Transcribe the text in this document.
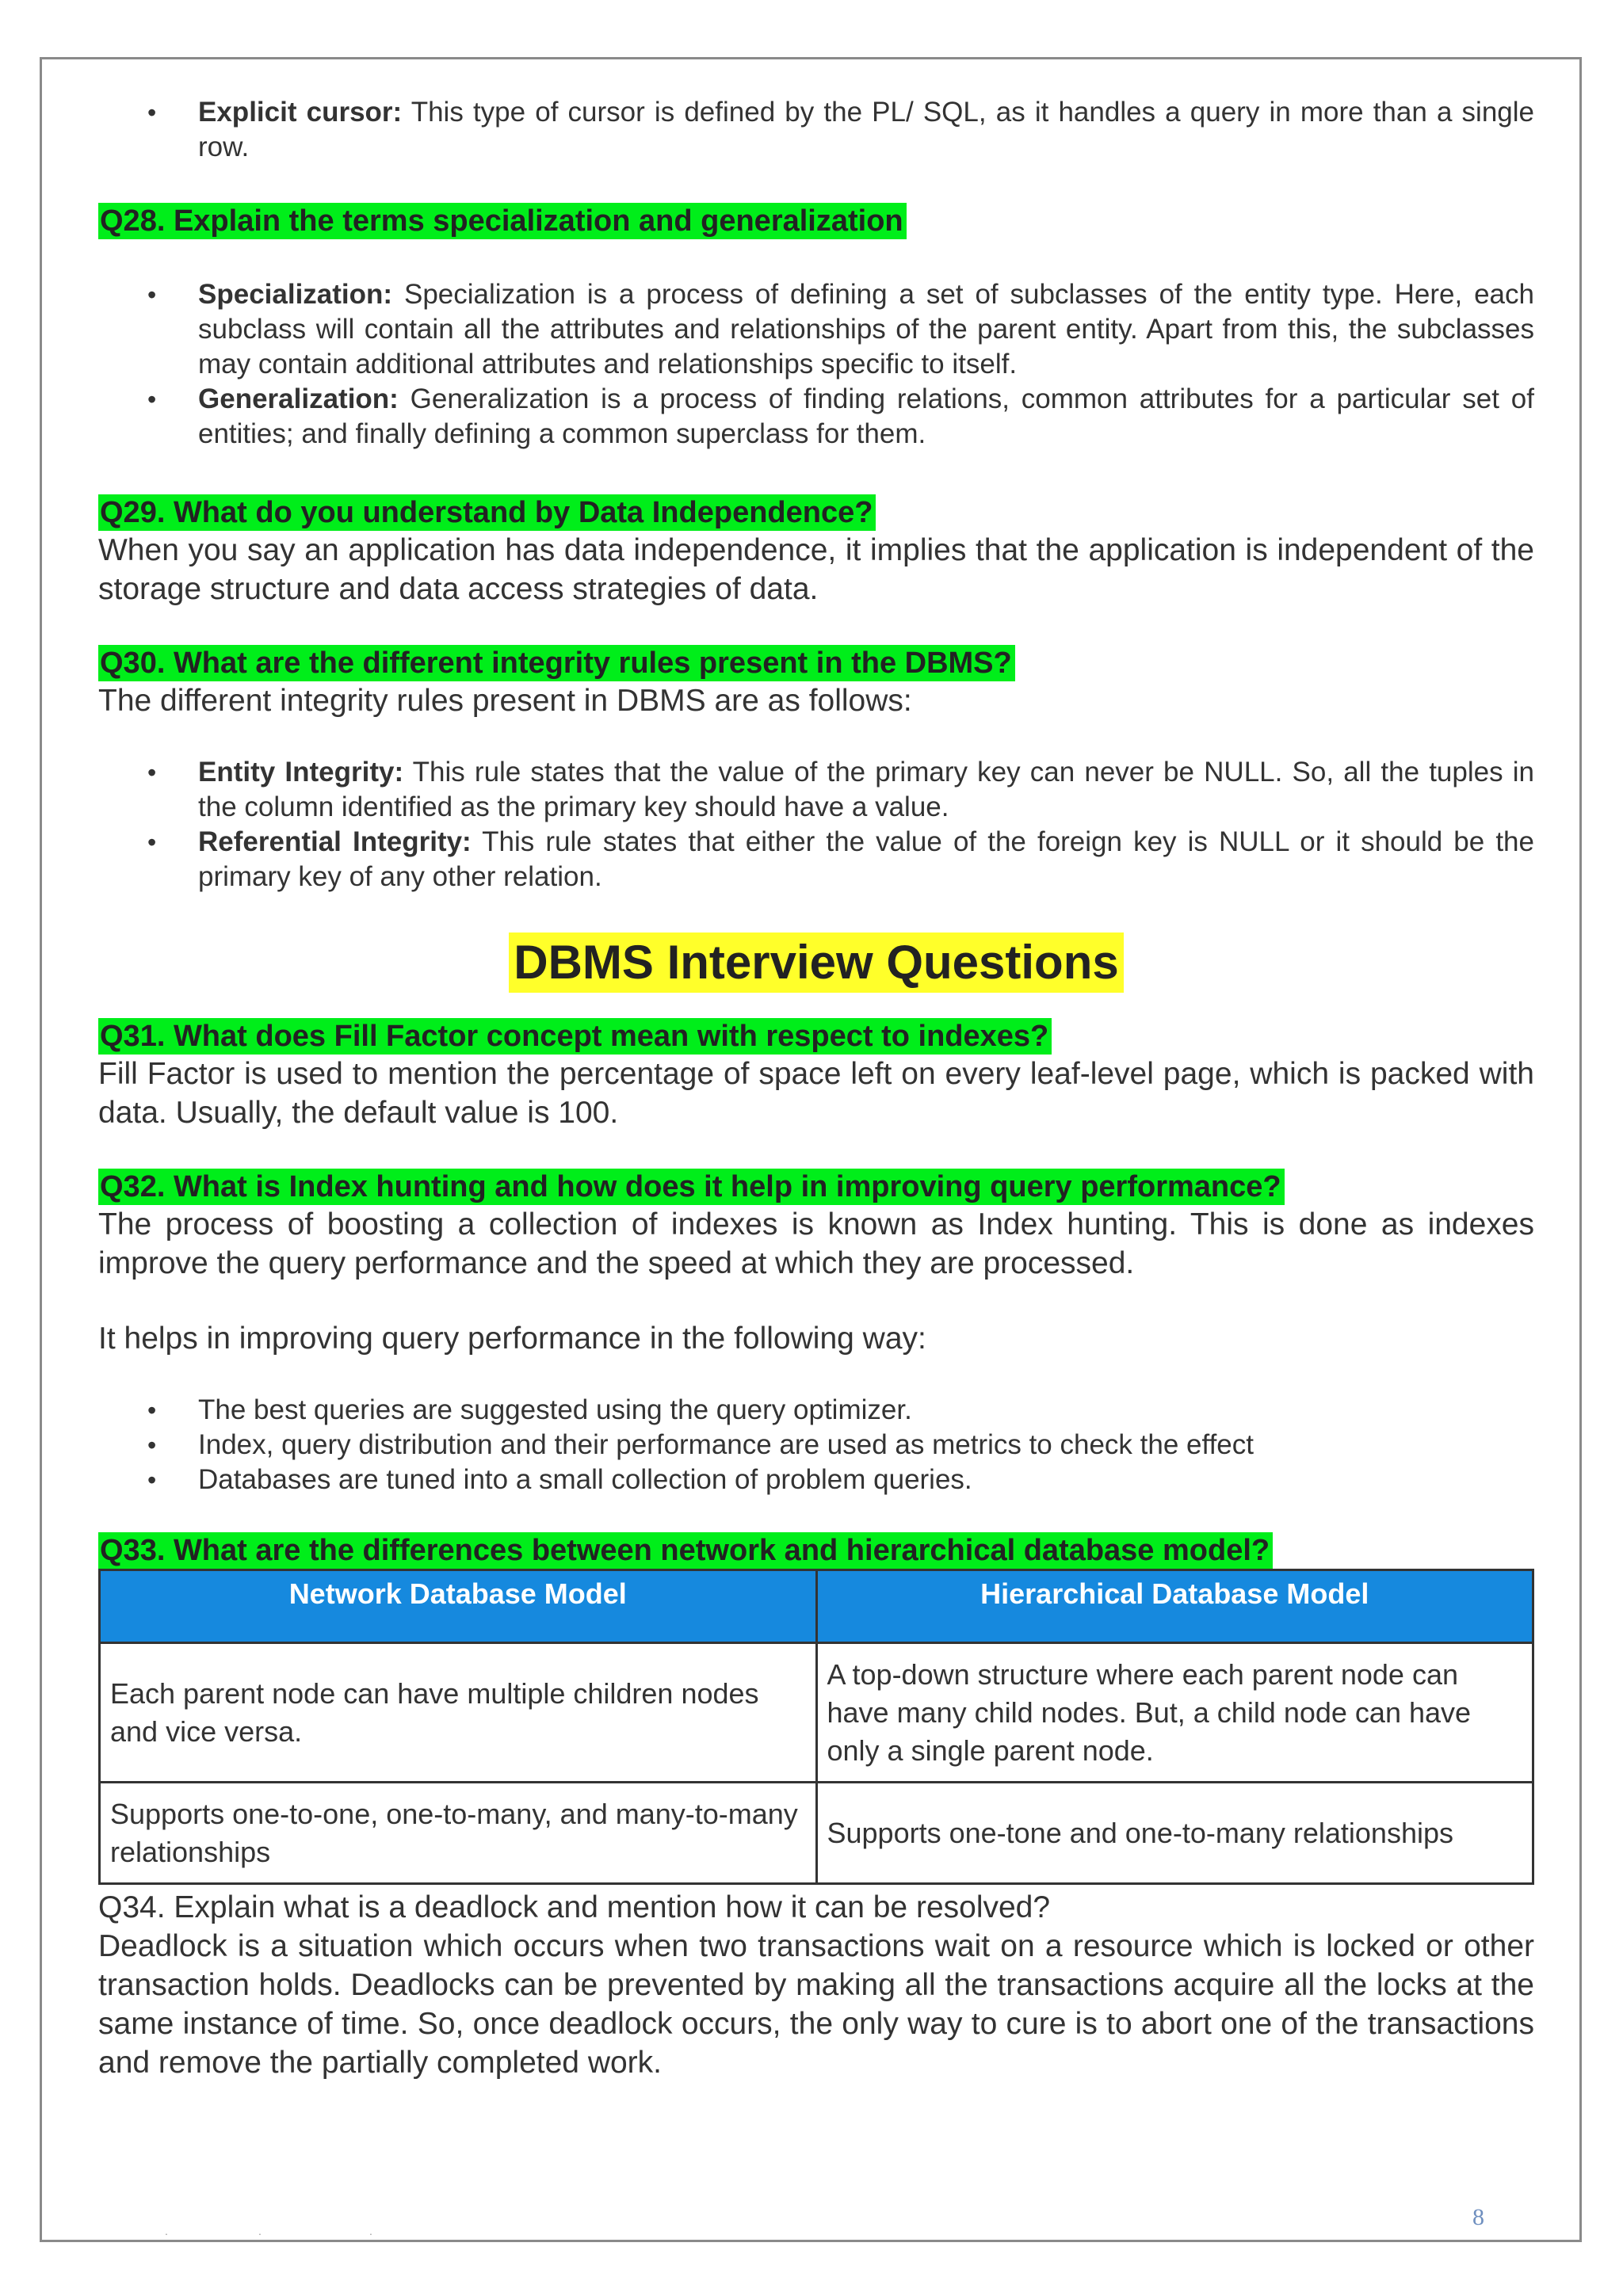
• Explicit cursor: This type of cursor is defined by the PL/ SQL, as it handles a query in more than a single row.
Q28. Explain the terms specialization and generalization
• Specialization: Specialization is a process of defining a set of subclasses of the entity type. Here, each subclass will contain all the attributes and relationships of the parent entity. Apart from this, the subclasses may contain additional attributes and relationships specific to itself.
• Generalization: Generalization is a process of finding relations, common attributes for a particular set of entities; and finally defining a common superclass for them.
Q29. What do you understand by Data Independence?

When you say an application has data independence, it implies that the application is independent of the storage structure and data access strategies of data.

Q30. What are the different integrity rules present in the DBMS?

The different integrity rules present in DBMS are as follows:

• Entity Integrity: This rule states that the value of the primary key can never be NULL. So, all the tuples in the column identified as the primary key should have a value.
• Referential Integrity: This rule states that either the value of the foreign key is NULL or it should be the primary key of any other relation.
DBMS Interview Questions
Q31. What does Fill Factor concept mean with respect to indexes?

Fill Factor is used to mention the percentage of space left on every leaf-level page, which is packed with data. Usually, the default value is 100.

Q32. What is Index hunting and how does it help in improving query performance?

The process of boosting a collection of indexes is known as Index hunting. This is done as indexes improve the query performance and the speed at which they are processed.

It helps in improving query performance in the following way:

• The best queries are suggested using the query optimizer.
• Index, query distribution and their performance are used as metrics to check the effect
• Databases are tuned into a small collection of problem queries.
Q33. What are the differences between network and hierarchical database model?
Network Database Model	Hierarchical Database Model
Each parent node can have multiple children nodes and vice versa.	A top-down structure where each parent node can have many child nodes. But, a child node can have only a single parent node.
Supports one-to-one, one-to-many, and many-to-many relationships	Supports one-tone and one-to-many relationships

Q34. Explain what is a deadlock and mention how it can be resolved?

Deadlock is a situation which occurs when two transactions wait on a resource which is locked or other transaction holds. Deadlocks can be prevented by making all the transactions acquire all the locks at the same instance of time. So, once deadlock occurs, the only way to cure is to abort one of the transactions and remove the partially completed work.

.	.	.
8
